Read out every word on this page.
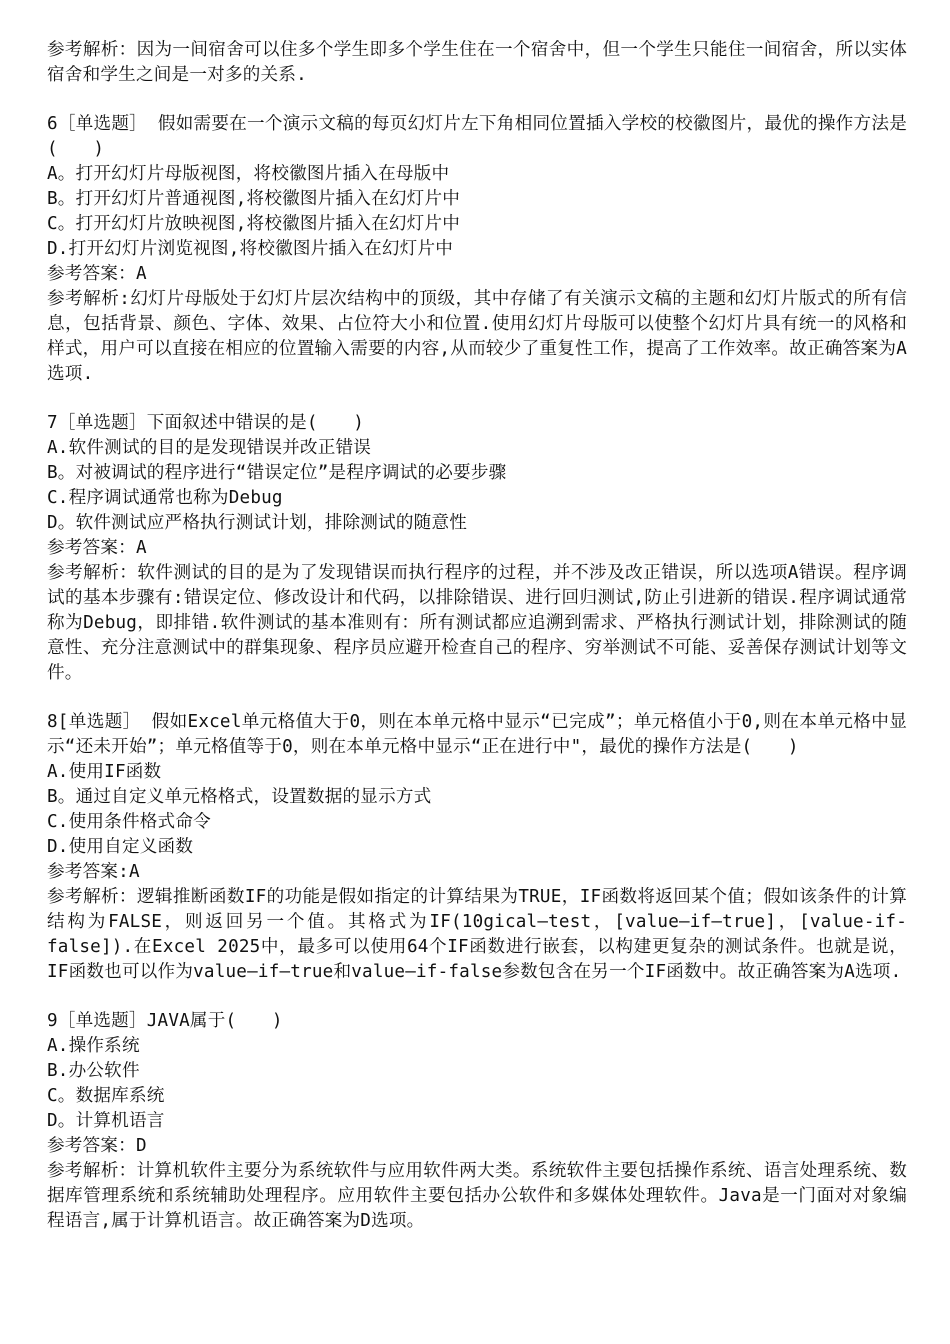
参考解析：因为一间宿舍可以住多个学生即多个学生住在一个宿舍中，但一个学生只能住一间宿舍，所以实体宿舍和学生之间是一对多的关系.

6［单选题］ 假如需要在一个演示文稿的每页幻灯片左下角相同位置插入学校的校徽图片，最优的操作方法是(　　)

A。打开幻灯片母版视图，将校徽图片插入在母版中

B。打开幻灯片普通视图,将校徽图片插入在幻灯片中

C。打开幻灯片放映视图,将校徽图片插入在幻灯片中

D.打开幻灯片浏览视图,将校徽图片插入在幻灯片中

参考答案：A

参考解析:幻灯片母版处于幻灯片层次结构中的顶级，其中存储了有关演示文稿的主题和幻灯片版式的所有信息，包括背景、颜色、字体、效果、占位符大小和位置.使用幻灯片母版可以使整个幻灯片具有统一的风格和样式，用户可以直接在相应的位置输入需要的内容,从而较少了重复性工作，提高了工作效率。故正确答案为A选项.

7［单选题］下面叙述中错误的是(　　)

A.软件测试的目的是发现错误并改正错误

B。对被调试的程序进行“错误定位”是程序调试的必要步骤

C.程序调试通常也称为Debug

D。软件测试应严格执行测试计划，排除测试的随意性

参考答案：A

参考解析：软件测试的目的是为了发现错误而执行程序的过程，并不涉及改正错误，所以选项A错误。程序调试的基本步骤有:错误定位、修改设计和代码，以排除错误、进行回归测试,防止引进新的错误.程序调试通常称为Debug，即排错.软件测试的基本准则有：所有测试都应追溯到需求、严格执行测试计划，排除测试的随意性、充分注意测试中的群集现象、程序员应避开检查自己的程序、穷举测试不可能、妥善保存测试计划等文件。

8[单选题］ 假如Excel单元格值大于0，则在本单元格中显示“已完成”；单元格值小于0,则在本单元格中显示“还未开始”；单元格值等于0，则在本单元格中显示“正在进行中"，最优的操作方法是(　　)

A.使用IF函数

B。通过自定义单元格格式，设置数据的显示方式

C.使用条件格式命令

D.使用自定义函数

参考答案:A

参考解析：逻辑推断函数IF的功能是假如指定的计算结果为TRUE，IF函数将返回某个值；假如该条件的计算结构为FALSE，则返回另一个值。其格式为IF(10gical—test，[value—if—true]，[value-if-false]).在Excel 2025中，最多可以使用64个IF函数进行嵌套，以构建更复杂的测试条件。也就是说，IF函数也可以作为value—if—true和value—if-false参数包含在另一个IF函数中。故正确答案为A选项.

9［单选题］JAVA属于(　　)

A.操作系统

B.办公软件

C。数据库系统

D。计算机语言

参考答案：D

参考解析：计算机软件主要分为系统软件与应用软件两大类。系统软件主要包括操作系统、语言处理系统、数据库管理系统和系统辅助处理程序。应用软件主要包括办公软件和多媒体处理软件。Java是一门面对对象编程语言,属于计算机语言。故正确答案为D选项。
